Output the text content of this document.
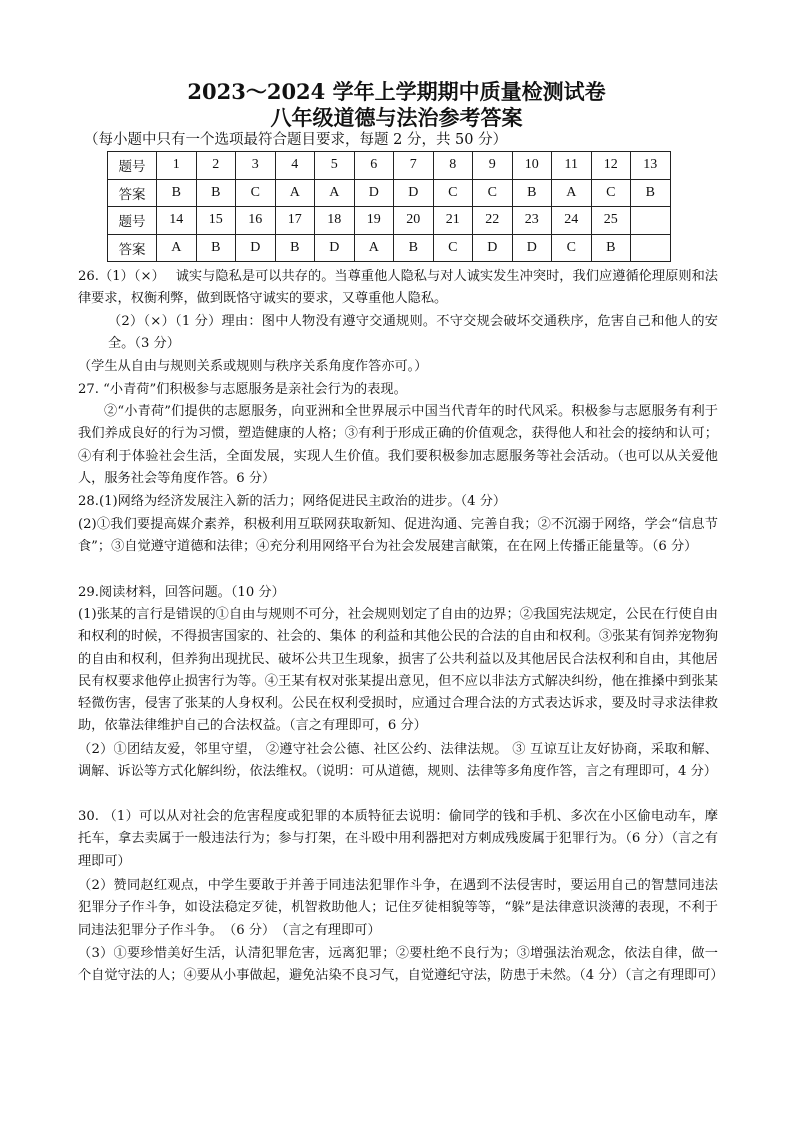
2023～2024 学年上学期期中质量检测试卷
八年级道德与法治参考答案
（每小题中只有一个选项最符合题目要求，每题 2 分，共 50 分）
题号	1	2	3	4	5	6	7	8	9	10	11	12	13
答案	B	B	C	A	A	D	D	C	C	B	A	C	B
题号	14	15	16	17	18	19	20	21	22	23	24	25	
答案	A	B	D	B	D	A	B	C	D	D	C	B	

26.（1）（×）　 诚实与隐私是可以共存的。当尊重他人隐私与对人诚实发生冲突时，我们应遵循伦理原则和法律要求，权衡利弊，做到既恪守诚实的要求，又尊重他人隐私。

（2）（×）（1 分）理由：图中人物没有遵守交通规则。不守交规会破坏交通秩序，危害自己和他人的安全。（3 分）

（学生从自由与规则关系或规则与秩序关系角度作答亦可。）

27. “小青荷”们积极参与志愿服务是亲社会行为的表现。

②“小青荷”们提供的志愿服务，向亚洲和全世界展示中国当代青年的时代风采。积极参与志愿服务有利于我们养成良好的行为习惯，塑造健康的人格；③有利于形成正确的价值观念，获得他人和社会的接纳和认可；④有利于体验社会生活，全面发展，实现人生价值。我们要积极参加志愿服务等社会活动。（也可以从关爱他人，服务社会等角度作答。6 分）

28.(1)网络为经济发展注入新的活力；网络促进民主政治的进步。（4 分）

(2)①我们要提高媒介素养，积极利用互联网获取新知、促进沟通、完善自我；②不沉溺于网络，学会“信息节食”；③自觉遵守道德和法律；④充分利用网络平台为社会发展建言献策，在在网上传播正能量等。（6 分）

29.阅读材料，回答问题。（10 分）

(1)张某的言行是错误的①自由与规则不可分，社会规则划定了自由的边界；②我国宪法规定，公民在行使自由和权利的时候，不得损害国家的、社会的、集体 的利益和其他公民的合法的自由和权利。③张某有饲养宠物狗的自由和权利，但养狗出现扰民、破坏公共卫生现象，损害了公共利益以及其他居民合法权利和自由，其他居民有权要求他停止损害行为等。④王某有权对张某提出意见，但不应以非法方式解决纠纷，他在推搡中到张某轻微伤害，侵害了张某的人身权利。公民在权利受损时，应通过合理合法的方式表达诉求，要及时寻求法律救助，依靠法律维护自己的合法权益。（言之有理即可，6 分）

（2）①团结友爱，邻里守望， ②遵守社会公德、社区公约、法律法规。 ③ 互谅互让友好协商，采取和解、调解、诉讼等方式化解纠纷，依法维权。（说明：可从道德，规则、法律等多角度作答，言之有理即可，4 分）

30. （1）可以从对社会的危害程度或犯罪的本质特征去说明：偷同学的钱和手机、多次在小区偷电动车，摩托车，拿去卖属于一般违法行为；参与打架，在斗殴中用利器把对方刺成残废属于犯罪行为。（6 分）（言之有理即可）

（2）赞同赵红观点，中学生要敢于并善于同违法犯罪作斗争，在遇到不法侵害时，要运用自己的智慧同违法犯罪分子作斗争，如设法稳定歹徒，机智救助他人；记住歹徒相貌等等，“躲”是法律意识淡薄的表现，不利于同违法犯罪分子作斗争。　（6 分）　（言之有理即可）

（3）①要珍惜美好生活，认清犯罪危害，远离犯罪；②要杜绝不良行为；③增强法治观念，依法自律，做一个自觉守法的人；④要从小事做起，避免沾染不良习气，自觉遵纪守法，防患于未然。（4 分）（言之有理即可）
